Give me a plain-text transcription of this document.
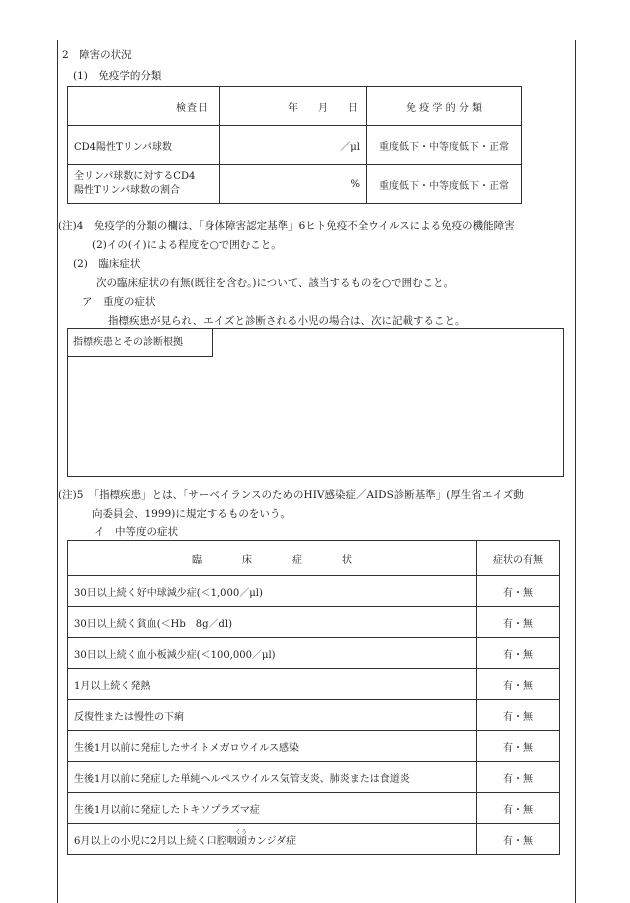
2　障害の状況
(1)　免疫学的分類
検査日	年　　月　　日	免 疫 学 的 分 類
CD4陽性Tリンパ球数	／μl	重度低下・中等度低下・正常

全リンパ球数に対するCD4
陽性Tリンパ球数の割合	%	重度低下・中等度低下・正常
(注)4　免疫学的分類の欄は、「身体障害認定基準」6ヒト免疫不全ウイルスによる免疫の機能障害
(2)イの(イ)による程度を○で囲むこと。
(2)　臨床症状
次の臨床症状の有無(既往を含む。)について、該当するものを○で囲むこと。
ア　重度の症状
指標疾患が見られ、エイズと診断される小児の場合は、次に記載すること。
指標疾患とその診断根拠
(注)5　「指標疾患」とは、「サーベイランスのためのHIV感染症／AIDS診断基準」(厚生省エイズ動
向委員会、1999)に規定するものをいう。
イ　中等度の症状
臨　　　　床　　　　症　　　　状	症状の有無
30日以上続く好中球減少症(＜1,000／μl)	有・無
30日以上続く貧血(＜Hb　8g／dl)	有・無
30日以上続く血小板減少症(＜100,000／μl)	有・無
1月以上続く発熱	有・無
反復性または慢性の下痢	有・無
生後1月以前に発症したサイトメガロウイルス感染	有・無
生後1月以前に発症した単純ヘルペスウイルス気管支炎、肺炎または食道炎	有・無
生後1月以前に発症したトキソプラズマ症	有・無
6月以上の小児に2月以上続く口腔咽頭カンジダ症	有・無
くう
